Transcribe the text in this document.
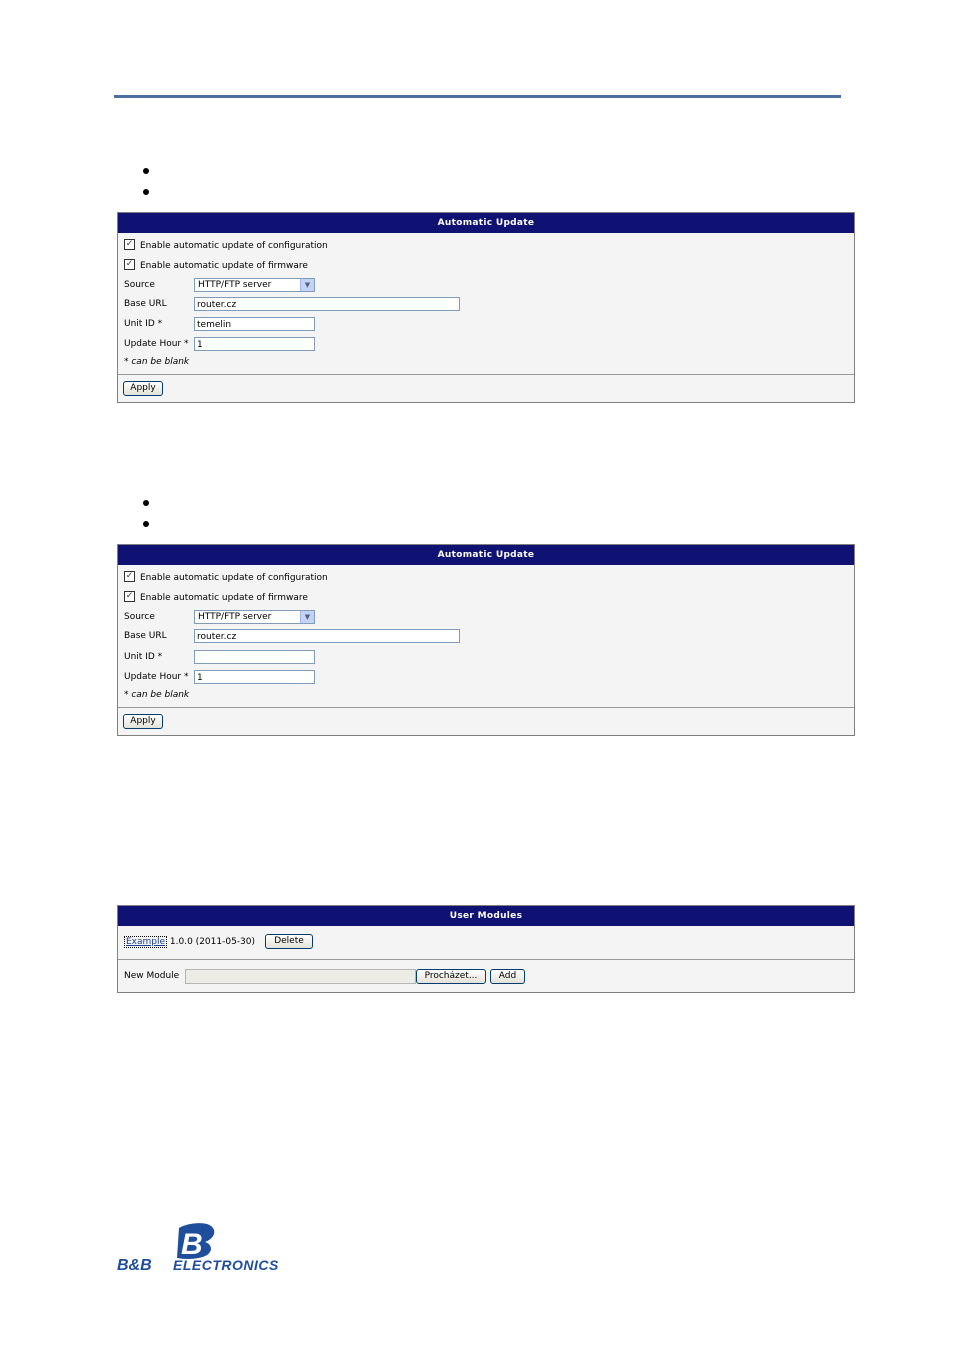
Automatic Update
✓ Enable automatic update of configuration
✓ Enable automatic update of firmware
Source	HTTP/FTP server	▼
Base URL	router.cz
Unit ID *	temelin
Update Hour * 1
* can be blank
Apply
Automatic Update
✓ Enable automatic update of configuration
✓ Enable automatic update of firmware
Source	HTTP/FTP server	▼
Base URL	router.cz
Unit ID *
Update Hour * 1
* can be blank
Apply
User Modules
Example 1.0.0 (2011-05-30)	Delete
New Module	Procházet...	Add
B
B&B ELECTRONICS
